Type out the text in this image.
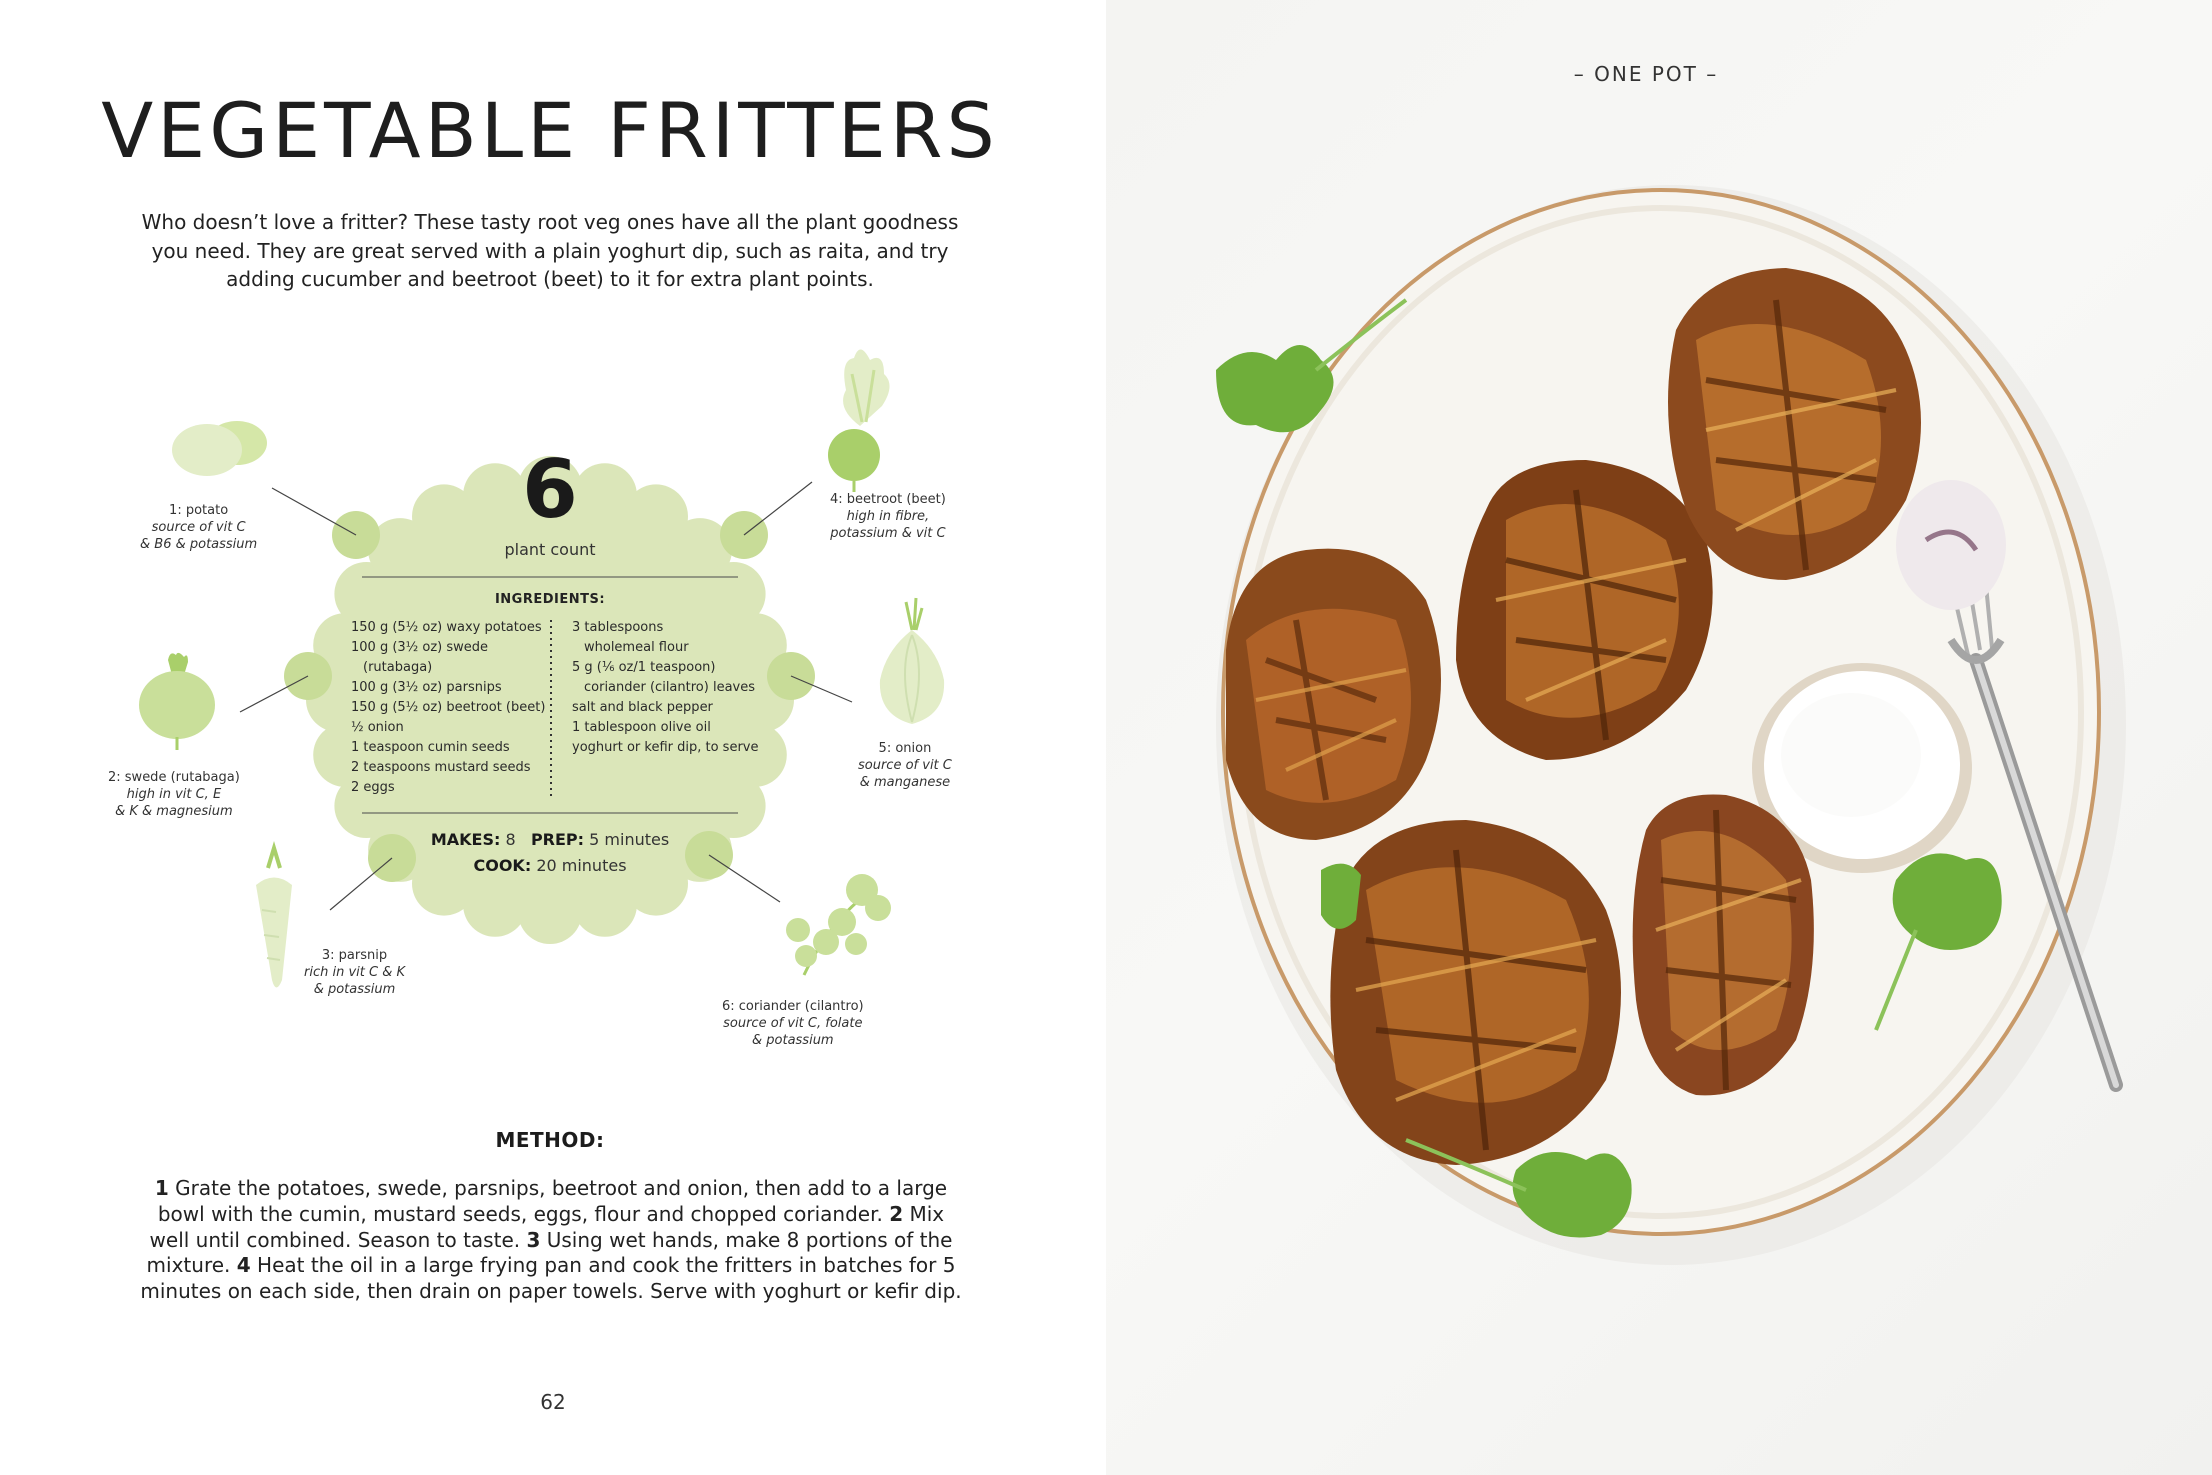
VEGETABLE FRITTERS

Who doesn’t love a fritter? These tasty root veg ones have all the plant goodness you need. They are great served with a plain yoghurt dip, such as raita, and try adding cucumber and beetroot (beet) to it for extra plant points.

6
plant count
INGREDIENTS:
150 g (5½ oz) waxy potatoes
100 g (3½ oz) swede
(rutabaga)
100 g (3½ oz) parsnips
150 g (5½ oz) beetroot (beet)
½ onion
1 teaspoon cumin seeds
2 teaspoons mustard seeds
2 eggs
3 tablespoons
wholemeal flour
5 g (⅙ oz/1 teaspoon)
coriander (cilantro) leaves
salt and black pepper
1 tablespoon olive oil
yoghurt or kefir dip, to serve
MAKES: 8 PREP: 5 minutes
COOK: 20 minutes
1: potato
source of vit C
& B6 & potassium
2: swede (rutabaga)
high in vit C, E
& K & magnesium
3: parsnip
rich in vit C & K
& potassium
4: beetroot (beet)
high in fibre,
potassium & vit C
5: onion
source of vit C
& manganese
6: coriander (cilantro)
source of vit C, folate
& potassium
METHOD:

1 Grate the potatoes, swede, parsnips, beetroot and onion, then add to a large bowl with the cumin, mustard seeds, eggs, flour and chopped coriander. 2 Mix well until combined. Season to taste. 3 Using wet hands, make 8 portions of the mixture. 4 Heat the oil in a large frying pan and cook the fritters in batches for 5 minutes on each side, then drain on paper towels. Serve with yoghurt or kefir dip.

62
– ONE POT –
